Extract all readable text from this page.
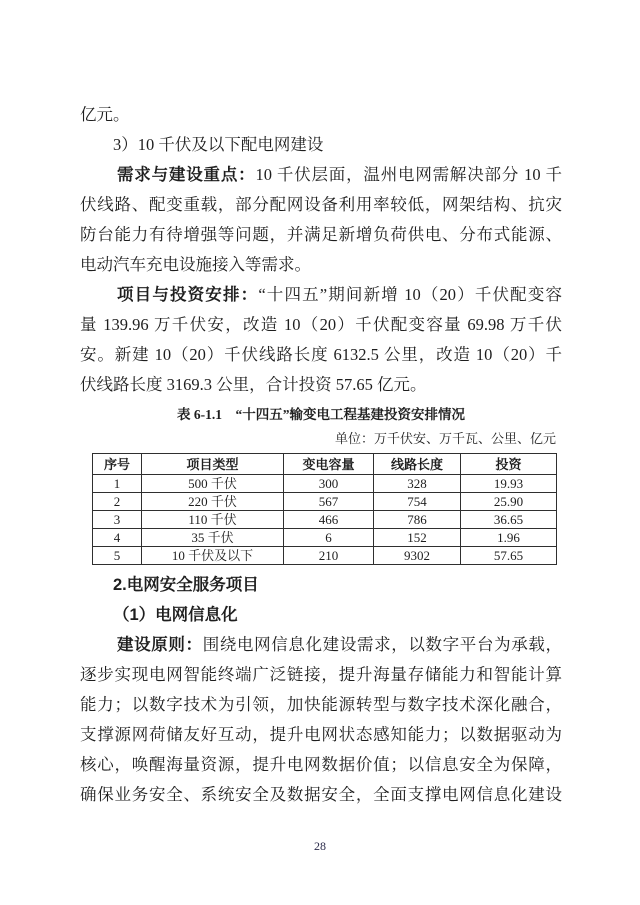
亿元。
3）10 千伏及以下配电网建设
需求与建设重点：10 千伏层面，温州电网需解决部分 10 千
伏线路、配变重载，部分配网设备利用率较低，网架结构、抗灾
防台能力有待增强等问题，并满足新增负荷供电、分布式能源、
电动汽车充电设施接入等需求。
项目与投资安排：“十四五”期间新增 10（20）千伏配变容
量 139.96 万千伏安，改造 10（20）千伏配变容量 69.98 万千伏
安。新建 10（20）千伏线路长度 6132.5 公里，改造 10（20）千
伏线路长度 3169.3 公里，合计投资 57.65 亿元。
表 6-1.1　“十四五”输变电工程基建投资安排情况
单位：万千伏安、万千瓦、公里、亿元
序号	项目类型	变电容量	线路长度	投资
1	500 千伏	300	328	19.93
2	220 千伏	567	754	25.90
3	110 千伏	466	786	36.65
4	35 千伏	6	152	1.96
5	10 千伏及以下	210	9302	57.65
2.电网安全服务项目
（1）电网信息化
建设原则：围绕电网信息化建设需求，以数字平台为承载，
逐步实现电网智能终端广泛链接，提升海量存储能力和智能计算
能力；以数字技术为引领，加快能源转型与数字技术深化融合，
支撑源网荷储友好互动，提升电网状态感知能力；以数据驱动为
核心，唤醒海量资源，提升电网数据价值；以信息安全为保障，
确保业务安全、系统安全及数据安全，全面支撑电网信息化建设
28
